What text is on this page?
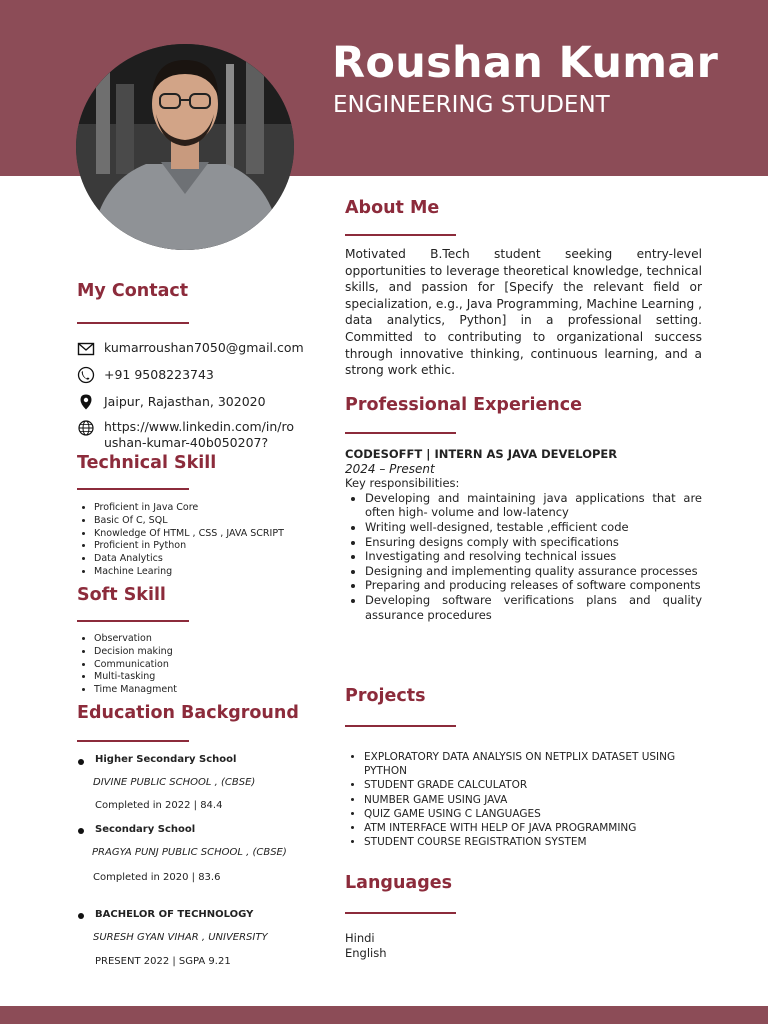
Roushan Kumar
ENGINEERING STUDENT
My Contact
kumarroushan7050@gmail.com
+91 9508223743
Jaipur, Rajasthan, 302020
https://www.linkedin.com/in/ro
ushan-kumar-40b050207?
Technical Skill
• Proficient in Java Core
• Basic Of C, SQL
• Knowledge Of HTML , CSS , JAVA SCRIPT
• Proficient in Python
• Data Analytics
• Machine Learing
Soft Skill
• Observation
• Decision making
• Communication
• Multi-tasking
• Time Managment
Education Background
Higher Secondary School
DIVINE PUBLIC SCHOOL , (CBSE)
Completed in 2022 | 84.4
Secondary School
PRAGYA PUNJ PUBLIC SCHOOL , (CBSE)
Completed in 2020 | 83.6
BACHELOR OF TECHNOLOGY
SURESH GYAN VIHAR , UNIVERSITY
PRESENT 2022 | SGPA 9.21
About Me
Motivated B.Tech student seeking entry-level opportunities to leverage theoretical knowledge, technical skills, and passion for [Specify the relevant field or specialization, e.g., Java Programming, Machine Learning , data analytics, Python] in a professional setting. Committed to contributing to organizational success through innovative thinking, continuous learning, and a strong work ethic.
Professional Experience
CODESOFFT | INTERN AS JAVA DEVELOPER
2024 – Present
Key responsibilities:
• Developing and maintaining java applications that are often high- volume and low-latency
• Writing well-designed, testable ,efficient code
• Ensuring designs comply with specifications
• Investigating and resolving technical issues
• Designing and implementing quality assurance processes
• Preparing and producing releases of software components
• Developing software verifications plans and quality assurance procedures
Projects
• EXPLORATORY DATA ANALYSIS ON NETPLIX DATASET USING PYTHON
• STUDENT GRADE CALCULATOR
• NUMBER GAME USING JAVA
• QUIZ GAME USING C LANGUAGES
• ATM INTERFACE WITH HELP OF JAVA PROGRAMMING
• STUDENT COURSE REGISTRATION SYSTEM
Languages
Hindi
English
